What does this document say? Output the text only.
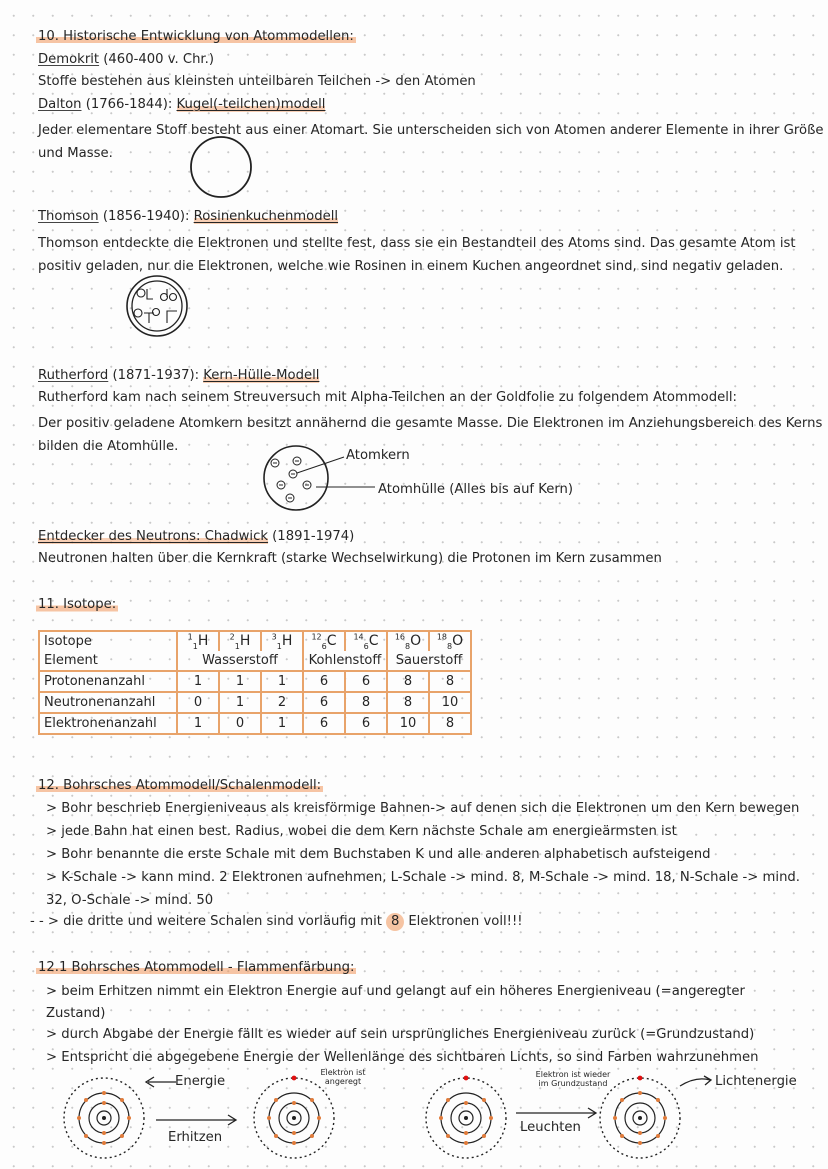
10. Historische Entwicklung von Atommodellen:
Demokrit (460-400 v. Chr.)
Stoffe bestehen aus kleinsten unteilbaren Teilchen -> den Atomen
Dalton (1766-1844): Kugel(-teilchen)modell
Jeder elementare Stoff besteht aus einer Atomart. Sie unterscheiden sich von Atomen anderer Elemente in ihrer Größe und Masse.
Thomson (1856-1940): Rosinenkuchenmodell
Thomson entdeckte die Elektronen und stellte fest, dass sie ein Bestandteil des Atoms sind. Das gesamte Atom ist positiv geladen, nur die Elektronen, welche wie Rosinen in einem Kuchen angeordnet sind, sind negativ geladen.
Rutherford (1871-1937): Kern-Hülle-Modell
Rutherford kam nach seinem Streuversuch mit Alpha-Teilchen an der Goldfolie zu folgendem Atommodell:
Der positiv geladene Atomkern besitzt annähernd die gesamte Masse. Die Elektronen im Anziehungsbereich des Kerns bilden die Atomhülle.
Atomkern
Atomhülle (Alles bis auf Kern)
Entdecker des Neutrons: Chadwick (1891-1974)
Neutronen halten über die Kernkraft (starke Wechselwirkung) die Protonen im Kern zusammen
11. Isotope:
Isotope	$^1_1$H	$^2_1$H	$^3_1$H	$^{12}_6$C	$^{14}_6$C	$^{16}_8$O	$^{18}_8$O
Element	Wasserstoff			Kohlenstoff		Sauerstoff	
Protonenanzahl	1	1	1	6	6	8	8
Neutronenanzahl	0	1	2	6	8	8	10
Elektronenanzahl	1	0	1	6	6	10	8
12. Bohrsches Atommodell/Schalenmodell:
> Bohr beschrieb Energieniveaus als kreisförmige Bahnen-> auf denen sich die Elektronen um den Kern bewegen
> jede Bahn hat einen best. Radius, wobei die dem Kern nächste Schale am energieärmsten ist
> Bohr benannte die erste Schale mit dem Buchstaben K und alle anderen alphabetisch aufsteigend
> K-Schale -> kann mind. 2 Elektronen aufnehmen, L-Schale -> mind. 8, M-Schale -> mind. 18, N-Schale -> mind.
32, O-Schale -> mind. 50
- - > die dritte und weitere Schalen sind vorläufig mit 8 Elektronen voll!!!
12.1 Bohrsches Atommodell - Flammenfärbung:
> beim Erhitzen nimmt ein Elektron Energie auf und gelangt auf ein höheres Energieniveau (=angeregter Zustand)
> durch Abgabe der Energie fällt es wieder auf sein ursprüngliches Energieniveau zurück (=Grundzustand)
> Entspricht die abgegebene Energie der Wellenlänge des sichtbaren Lichts, so sind Farben wahrzunehmen
Energie
Erhitzen
Elektron ist angeregt
Leuchten
Elektron ist wieder im Grundzustand	Lichtenergie
